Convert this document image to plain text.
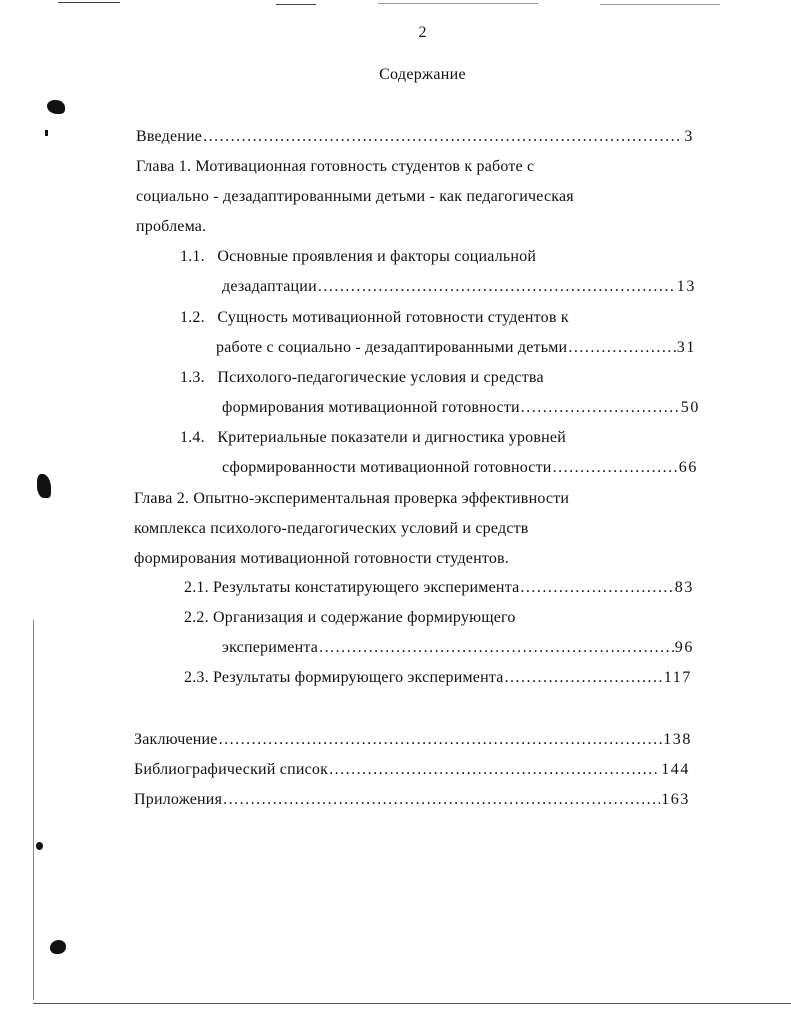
2
Содержание
Введение .....	3
Глава 1. Мотивационная готовность студентов к работе с
социально - дезадаптированными детьми - как педагогическая
проблема.
1.1. Основные проявления и факторы социальной
дезадаптации .....	13
1.2. Сущность мотивационной готовности студентов к
работе с социально - дезадаптированными детьми .....	31
1.3. Психолого-педагогические условия и средства
формирования мотивационной готовности .....	50
1.4. Критериальные показатели и дигностика уровней
сформированности мотивационной готовности .....	66
Глава 2. Опытно-экспериментальная проверка эффективности
комплекса психолого-педагогических условий и средств
формирования мотивационной готовности студентов.
2.1. Результаты констатирующего эксперимента .....	83
2.2. Организация и содержание формирующего
эксперимента .....	96
2.3. Результаты формирующего эксперимента .....	117
Заключение .....	138
Библиографический список .....	144
Приложения .....	163
